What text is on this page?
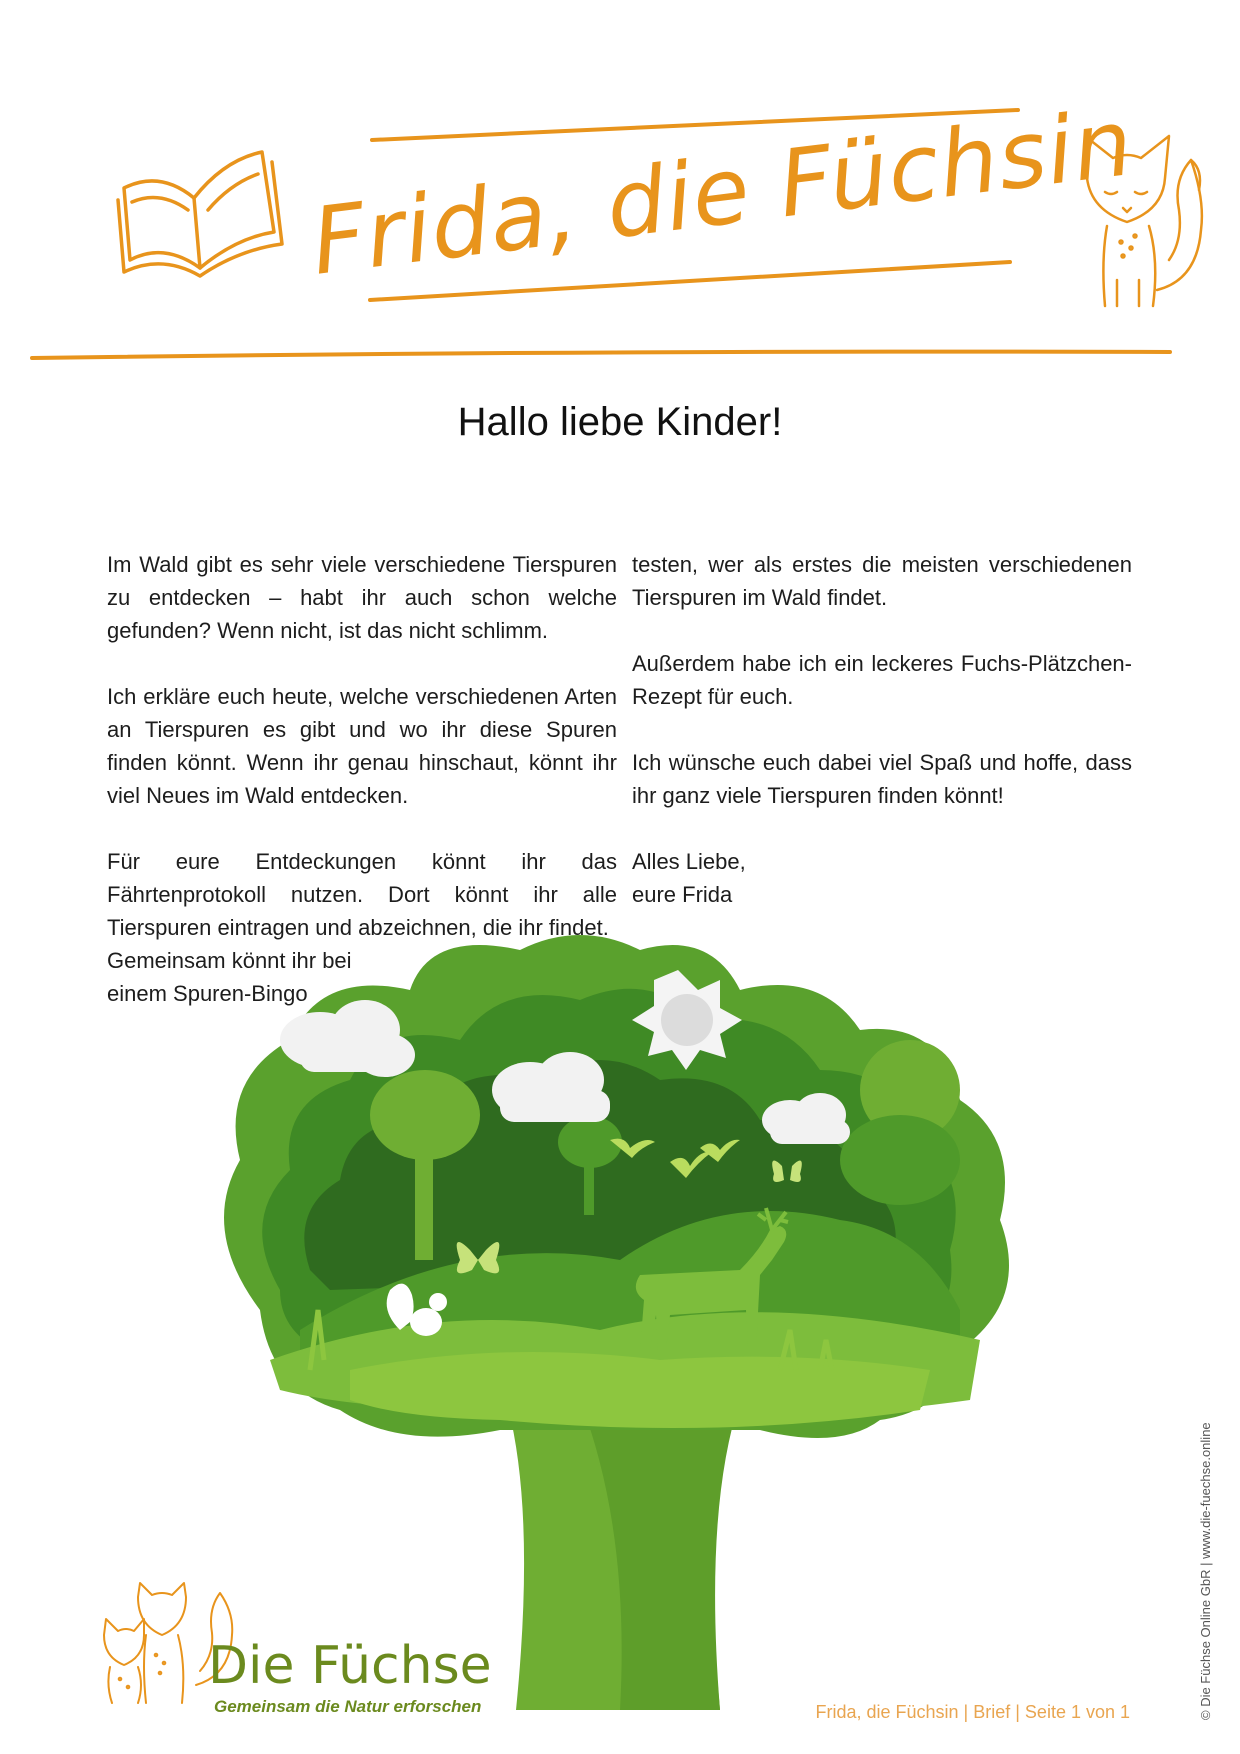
Frida, die Füchsin
Hallo liebe Kinder!

Im Wald gibt es sehr viele verschiedene Tierspuren zu entdecken – habt ihr auch schon welche gefunden? Wenn nicht, ist das nicht schlimm.

Ich erkläre euch heute, welche verschiedenen Arten an Tierspuren es gibt und wo ihr diese Spuren finden könnt. Wenn ihr genau hinschaut, könnt ihr viel Neues im Wald entdecken.

Für eure Entdeckungen könnt ihr das Fährtenprotokoll nutzen. Dort könnt ihr alle Tierspuren eintragen und abzeichnen, die ihr findet.

Gemeinsam könnt ihr bei
einem Spuren-Bingo

testen, wer als erstes die meisten verschiedenen Tierspuren im Wald findet.

Außerdem habe ich ein leckeres Fuchs-Plätzchen-Rezept für euch.

Ich wünsche euch dabei viel Spaß und hoffe, dass ihr ganz viele Tierspuren finden könnt!

Alles Liebe,
eure Frida
Die Füchse
Gemeinsam die Natur erforschen	Frida, die Füchsin | Brief | Seite 1 von 1	© Die Füchse Online GbR | www.die-fuechse.online
